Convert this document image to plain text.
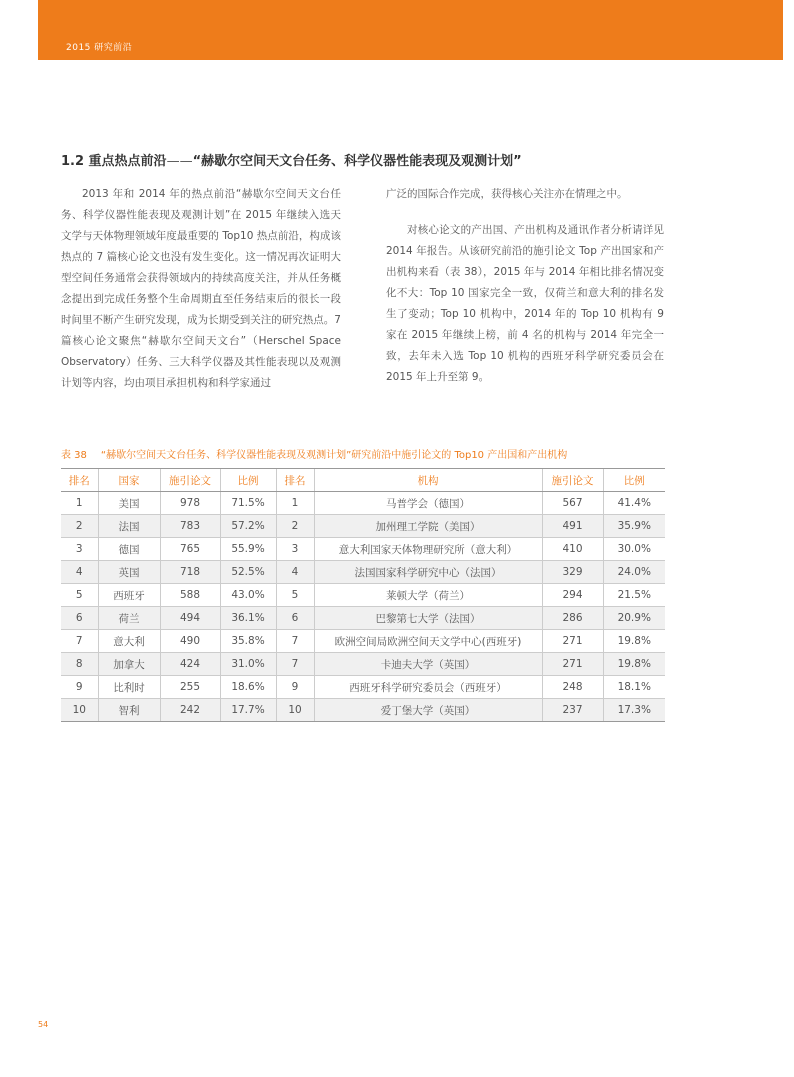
2015 研究前沿
1.2 重点热点前沿——“赫歇尔空间天文台任务、科学仪器性能表现及观测计划”

2013 年和 2014 年的热点前沿“赫歇尔空间天文台任务、科学仪器性能表现及观测计划”在 2015 年继续入选天文学与天体物理领域年度最重要的 Top10 热点前沿，构成该热点的 7 篇核心论文也没有发生变化。这一情况再次证明大型空间任务通常会获得领域内的持续高度关注，并从任务概念提出到完成任务整个生命周期直至任务结束后的很长一段时间里不断产生研究发现，成为长期受到关注的研究热点。7 篇核心论文聚焦“赫歇尔空间天文台”（Herschel Space Observatory）任务、三大科学仪器及其性能表现以及观测计划等内容，均由项目承担机构和科学家通过

广泛的国际合作完成，获得核心关注亦在情理之中。

对核心论文的产出国、产出机构及通讯作者分析请详见 2014 年报告。从该研究前沿的施引论文 Top 产出国家和产出机构来看（表 38），2015 年与 2014 年相比排名情况变化不大：Top 10 国家完全一致，仅荷兰和意大利的排名发生了变动；Top 10 机构中，2014 年的 Top 10 机构有 9 家在 2015 年继续上榜，前 4 名的机构与 2014 年完全一致，去年未入选 Top 10 机构的西班牙科学研究委员会在 2015 年上升至第 9。

表 38 “赫歇尔空间天文台任务、科学仪器性能表现及观测计划”研究前沿中施引论文的 Top10 产出国和产出机构
排名	国家	施引论文	比例	排名	机构	施引论文	比例
1	美国	978	71.5%	1	马普学会（德国）	567	41.4%
2	法国	783	57.2%	2	加州理工学院（美国）	491	35.9%
3	德国	765	55.9%	3	意大利国家天体物理研究所（意大利）	410	30.0%
4	英国	718	52.5%	4	法国国家科学研究中心（法国）	329	24.0%
5	西班牙	588	43.0%	5	莱顿大学（荷兰）	294	21.5%
6	荷兰	494	36.1%	6	巴黎第七大学（法国）	286	20.9%
7	意大利	490	35.8%	7	欧洲空间局欧洲空间天文学中心(西班牙)	271	19.8%
8	加拿大	424	31.0%	7	卡迪夫大学（英国）	271	19.8%
9	比利时	255	18.6%	9	西班牙科学研究委员会（西班牙）	248	18.1%
10	智利	242	17.7%	10	爱丁堡大学（英国）	237	17.3%
54
